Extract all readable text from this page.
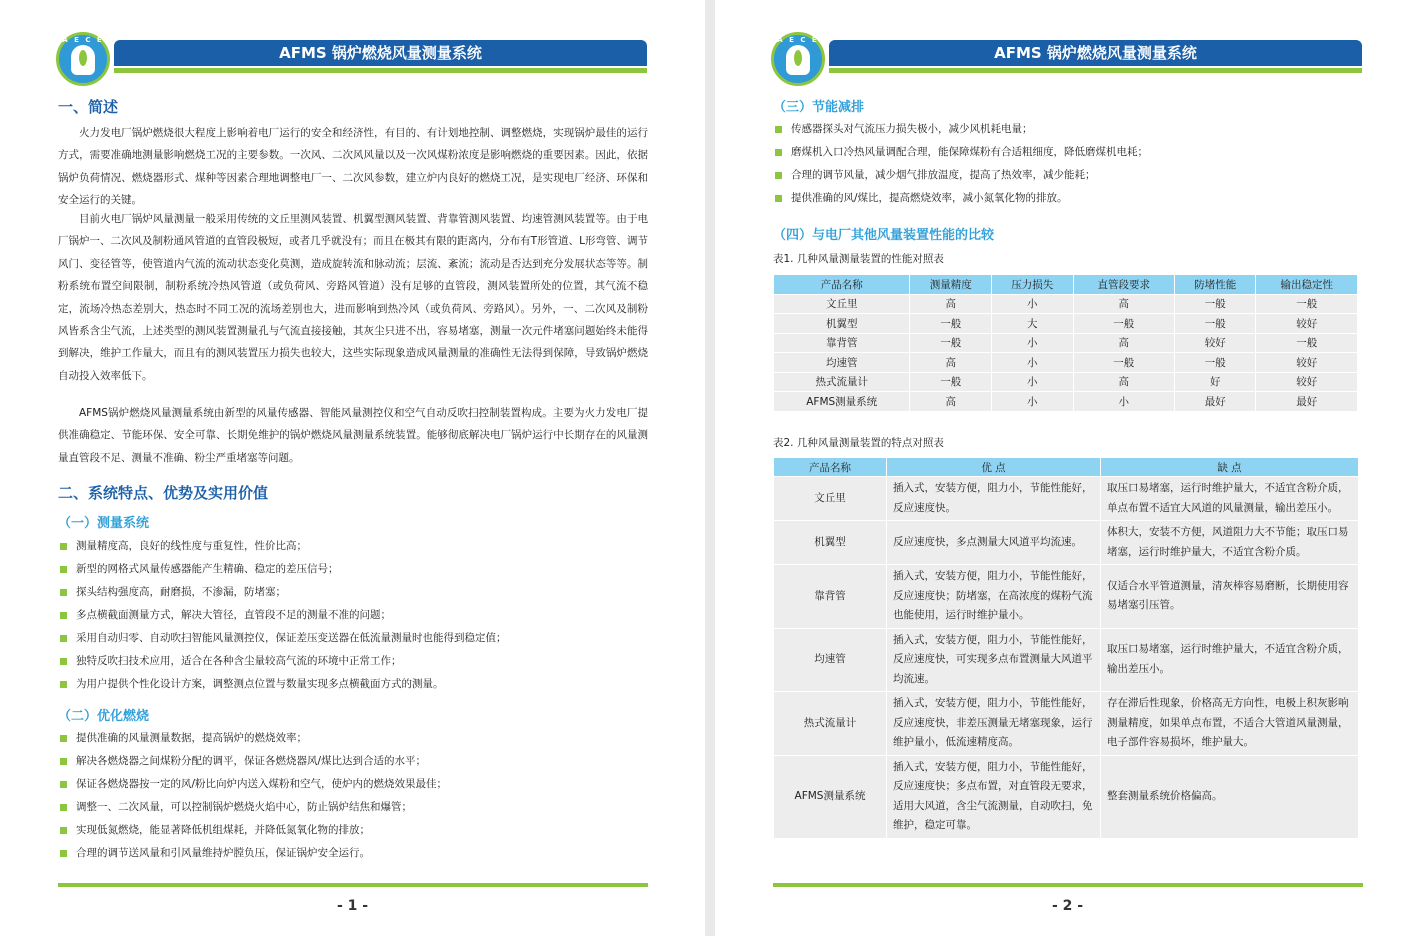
A E C E
AFMS 锅炉燃烧风量测量系统
一、简述
火力发电厂锅炉燃烧很大程度上影响着电厂运行的安全和经济性，有目的、有计划地控制、调整燃烧，实现锅炉最佳的运行方式，需要准确地测量影响燃烧工况的主要参数。一次风、二次风风量以及一次风煤粉浓度是影响燃烧的重要因素。因此，依据锅炉负荷情况、燃烧器形式、煤种等因素合理地调整电厂一、二次风参数，建立炉内良好的燃烧工况，是实现电厂经济、环保和安全运行的关键。
目前火电厂锅炉风量测量一般采用传统的文丘里测风装置、机翼型测风装置、背靠管测风装置、均速管测风装置等。由于电厂锅炉一、二次风及制粉通风管道的直管段极短，或者几乎就没有；而且在极其有限的距离内，分布有T形管道、L形弯管、调节风门、变径管等，使管道内气流的流动状态变化莫测，造成旋转流和脉动流；层流、紊流；流动是否达到充分发展状态等等。制粉系统布置空间限制，制粉系统冷热风管道（或负荷风、旁路风管道）没有足够的直管段，测风装置所处的位置，其气流不稳定，流场冷热态差别大，热态时不同工况的流场差别也大，进而影响到热冷风（或负荷风、旁路风）。另外，一、二次风及制粉风皆系含尘气流，上述类型的测风装置测量孔与气流直接接触，其灰尘只进不出，容易堵塞，测量一次元件堵塞问题始终未能得到解决，维护工作量大，而且有的测风装置压力损失也较大，这些实际现象造成风量测量的准确性无法得到保障，导致锅炉燃烧自动投入效率低下。
AFMS锅炉燃烧风量测量系统由新型的风量传感器、智能风量测控仪和空气自动反吹扫控制装置构成。主要为火力发电厂提供准确稳定、节能环保、安全可靠、长期免维护的锅炉燃烧风量测量系统装置。能够彻底解决电厂锅炉运行中长期存在的风量测量直管段不足、测量不准确、粉尘严重堵塞等问题。
二、系统特点、优势及实用价值
（一）测量系统
测量精度高，良好的线性度与重复性，性价比高；
新型的网格式风量传感器能产生精确、稳定的差压信号；
探头结构强度高，耐磨损，不渗漏，防堵塞；
多点横截面测量方式，解决大管径，直管段不足的测量不准的问题；
采用自动归零、自动吹扫智能风量测控仪，保证差压变送器在低流量测量时也能得到稳定值；
独特反吹扫技术应用，适合在各种含尘量较高气流的环境中正常工作；
为用户提供个性化设计方案，调整测点位置与数量实现多点横截面方式的测量。
（二）优化燃烧
提供准确的风量测量数据，提高锅炉的燃烧效率；
解决各燃烧器之间煤粉分配的调平，保证各燃烧器风/煤比达到合适的水平；
保证各燃烧器按一定的风/粉比向炉内送入煤粉和空气，使炉内的燃烧效果最佳；
调整一、二次风量，可以控制锅炉燃烧火焰中心，防止锅炉结焦和爆管；
实现低氮燃烧，能显著降低机组煤耗，并降低氮氧化物的排放；
合理的调节送风量和引风量维持炉膛负压，保证锅炉安全运行。
- 1 -
A E C E
AFMS 锅炉燃烧风量测量系统
（三）节能减排
传感器探头对气流压力损失极小，减少风机耗电量；
磨煤机入口冷热风量调配合理，能保障煤粉有合适粗细度，降低磨煤机电耗；
合理的调节风量，减少烟气排放温度，提高了热效率，减少能耗；
提供准确的风/煤比，提高燃烧效率，减小氮氧化物的排放。
（四）与电厂其他风量装置性能的比较
表1. 几种风量测量装置的性能对照表
产品名称	测量精度	压力损失	直管段要求	防堵性能	输出稳定性
文丘里	高	小	高	一般	一般
机翼型	一般	大	一般	一般	较好
靠背管	一般	小	高	较好	一般
均速管	高	小	一般	一般	较好
热式流量计	一般	小	高	好	较好
AFMS测量系统	高	小	小	最好	最好
表2. 几种风量测量装置的特点对照表
产品名称	优 点	缺 点
文丘里	插入式，安装方便，阻力小，节能性能好，反应速度快。	取压口易堵塞，运行时维护量大，不适宜含粉介质，单点布置不适宜大风道的风量测量，输出差压小。
机翼型	反应速度快，多点测量大风道平均流速。	体积大，安装不方便，风道阻力大不节能；取压口易堵塞，运行时维护量大，不适宜含粉介质。
靠背管	插入式，安装方便，阻力小，节能性能好，反应速度快；防堵塞，在高浓度的煤粉气流也能使用，运行时维护量小。	仅适合水平管道测量，清灰棒容易磨断，长期使用容易堵塞引压管。
均速管	插入式，安装方便，阻力小，节能性能好，反应速度快，可实现多点布置测量大风道平均流速。	取压口易堵塞，运行时维护量大，不适宜含粉介质，输出差压小。
热式流量计	插入式，安装方便，阻力小，节能性能好，反应速度快，非差压测量无堵塞现象，运行维护量小，低流速精度高。	存在滞后性现象，价格高无方向性，电极上积灰影响测量精度，如果单点布置，不适合大管道风量测量，电子部件容易损坏，维护量大。
AFMS测量系统	插入式，安装方便，阻力小，节能性能好，反应速度快；多点布置，对直管段无要求，适用大风道，含尘气流测量，自动吹扫，免维护，稳定可靠。	整套测量系统价格偏高。
- 2 -
